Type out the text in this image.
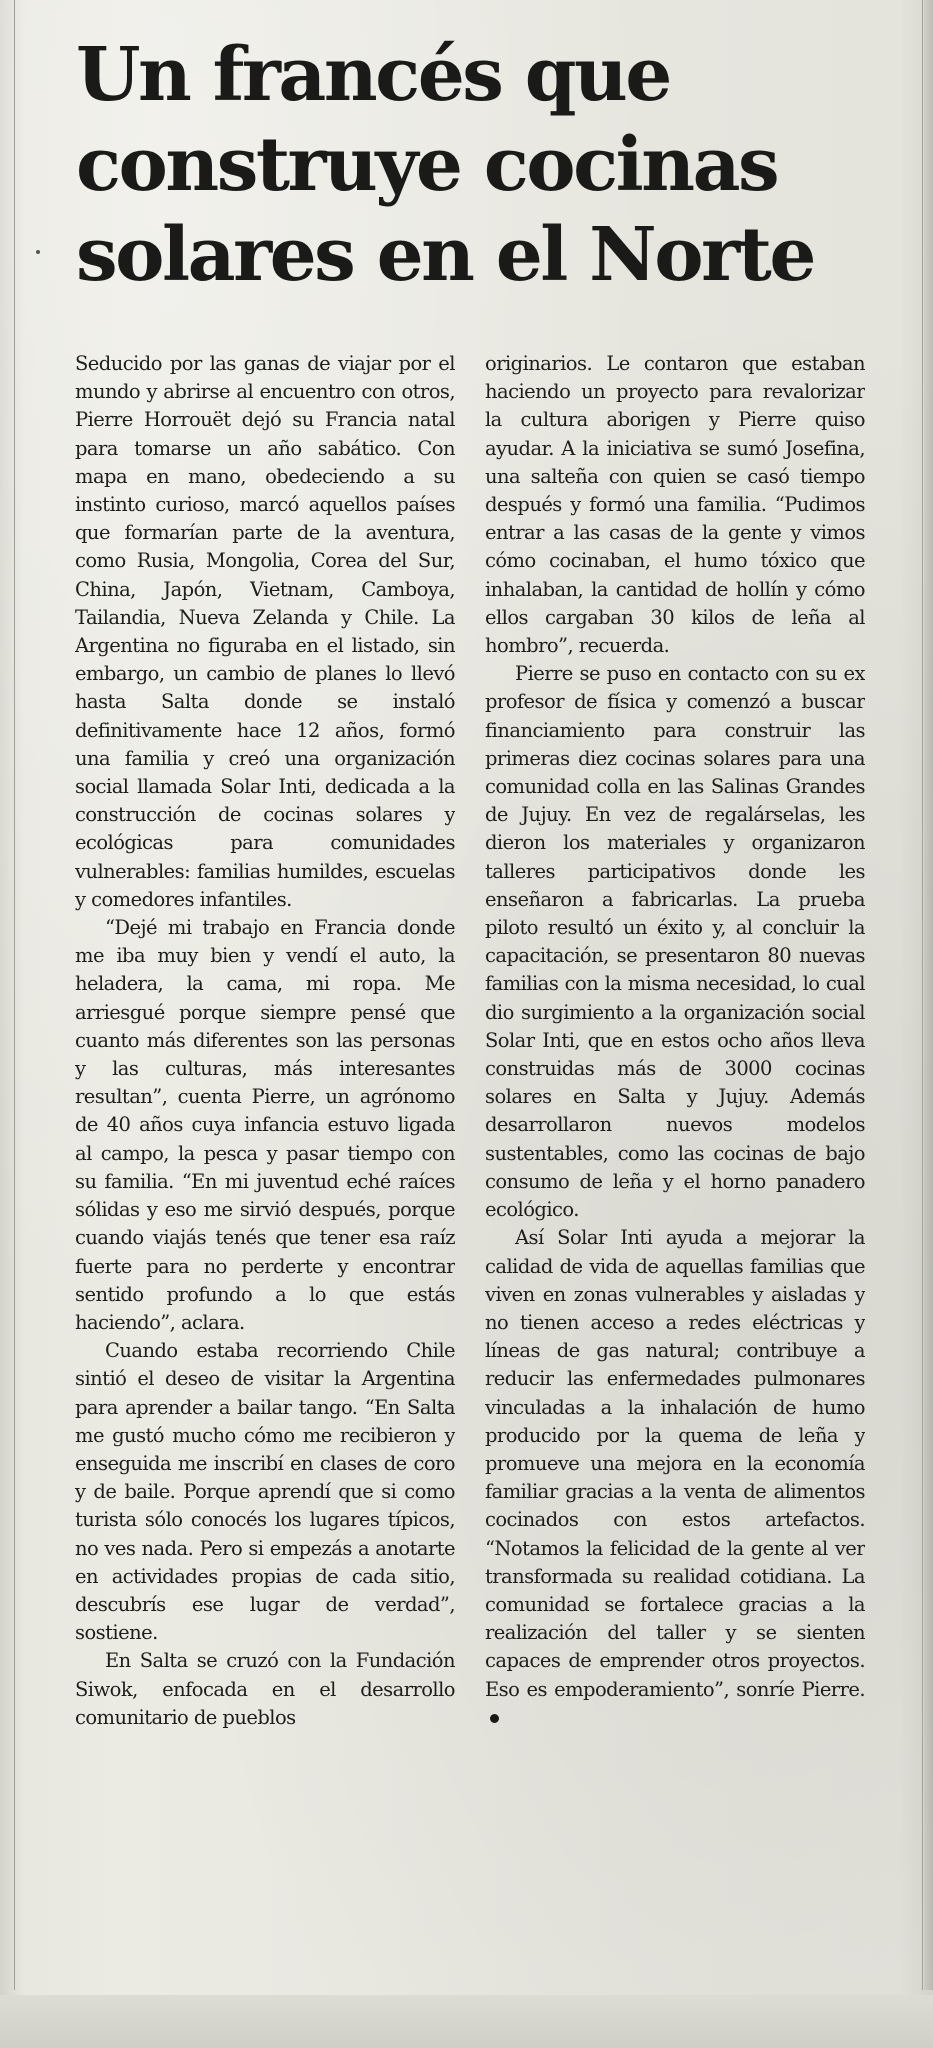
Un francés que construye cocinas solares en el Norte

Seducido por las ganas de viajar por el mundo y abrirse al encuentro con otros, Pierre Horrouët dejó su Francia natal para tomarse un año sabático. Con mapa en mano, obedeciendo a su instinto curioso, marcó aquellos países que formarían parte de la aventura, como Rusia, Mongolia, Corea del Sur, China, Japón, Vietnam, Camboya, Tailandia, Nueva Zelanda y Chile. La Argentina no figuraba en el listado, sin embargo, un cambio de planes lo llevó hasta Salta donde se instaló definitivamente hace 12 años, formó una familia y creó una organización social llamada Solar Inti, dedicada a la construcción de cocinas solares y ecológicas para comunidades vulnerables: familias humildes, escuelas y comedores infantiles.

“Dejé mi trabajo en Francia donde me iba muy bien y vendí el auto, la heladera, la cama, mi ropa. Me arriesgué porque siempre pensé que cuanto más diferentes son las personas y las culturas, más interesantes resultan”, cuenta Pierre, un agrónomo de 40 años cuya infancia estuvo ligada al campo, la pesca y pasar tiempo con su familia. “En mi juventud eché raíces sólidas y eso me sirvió después, porque cuando viajás tenés que tener esa raíz fuerte para no perderte y encontrar sentido profundo a lo que estás haciendo”, aclara.

Cuando estaba recorriendo Chile sintió el deseo de visitar la Argentina para aprender a bailar tango. “En Salta me gustó mucho cómo me recibieron y enseguida me inscribí en clases de coro y de baile. Porque aprendí que si como turista sólo conocés los lugares típicos, no ves nada. Pero si empezás a anotarte en actividades propias de cada sitio, descubrís ese lugar de verdad”, sostiene.

En Salta se cruzó con la Fundación Siwok, enfocada en el desarrollo comunitario de pueblos

originarios. Le contaron que estaban haciendo un proyecto para revalorizar la cultura aborigen y Pierre quiso ayudar. A la iniciativa se sumó Josefina, una salteña con quien se casó tiempo después y formó una familia. “Pudimos entrar a las casas de la gente y vimos cómo cocinaban, el humo tóxico que inhalaban, la cantidad de hollín y cómo ellos cargaban 30 kilos de leña al hombro”, recuerda.

Pierre se puso en contacto con su ex profesor de física y comenzó a buscar financiamiento para construir las primeras diez cocinas solares para una comunidad colla en las Salinas Grandes de Jujuy. En vez de regalárselas, les dieron los materiales y organizaron talleres participativos donde les enseñaron a fabricarlas. La prueba piloto resultó un éxito y, al concluir la capacitación, se presentaron 80 nuevas familias con la misma necesidad, lo cual dio surgimiento a la organización social Solar Inti, que en estos ocho años lleva construidas más de 3000 cocinas solares en Salta y Jujuy. Además desarrollaron nuevos modelos sustentables, como las cocinas de bajo consumo de leña y el horno panadero ecológico.

Así Solar Inti ayuda a mejorar la calidad de vida de aquellas familias que viven en zonas vulnerables y aisladas y no tienen acceso a redes eléctricas y líneas de gas natural; contribuye a reducir las enfermedades pulmonares vinculadas a la inhalación de humo producido por la quema de leña y promueve una mejora en la economía familiar gracias a la venta de alimentos cocinados con estos artefactos. “Notamos la felicidad de la gente al ver transformada su realidad cotidiana. La comunidad se fortalece gracias a la realización del taller y se sienten capaces de emprender otros proyectos. Eso es empoderamiento”, sonríe Pierre.
